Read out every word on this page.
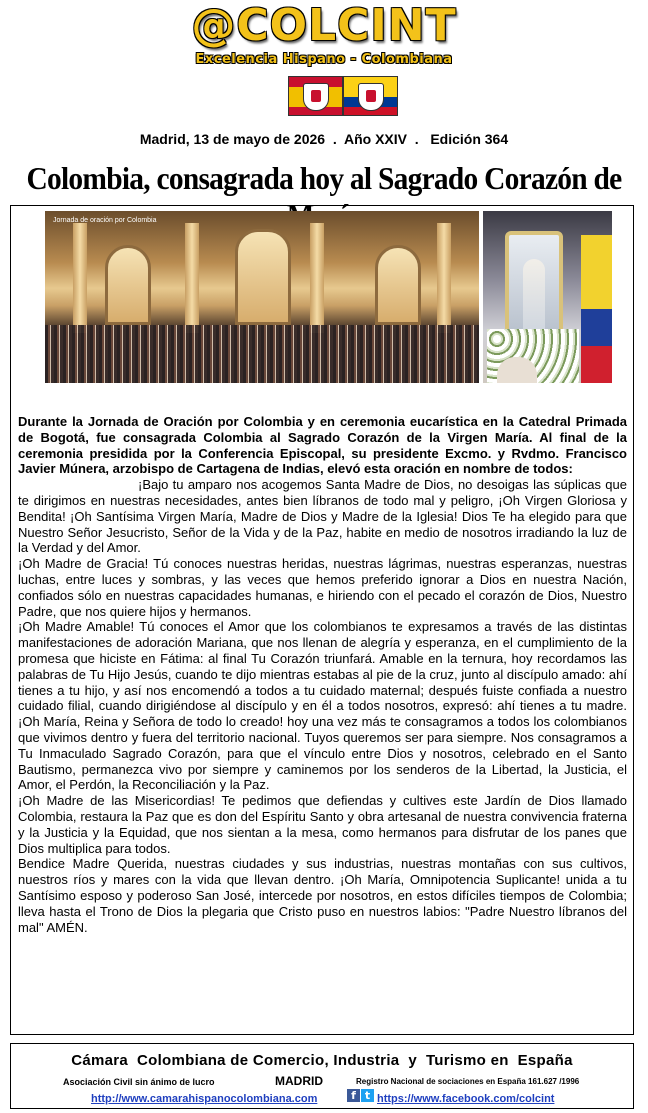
@COLCINT
Excelencia Hispano - Colombiana
Madrid, 13 de mayo de 2026  .  Año XXIV  .   Edición 364
Colombia, consagrada hoy al Sagrado Corazón de
Jornada de oración por Colombia

Durante la Jornada de Oración por Colombia y en ceremonia eucarística en la Catedral Primada de Bogotá, fue consagrada Colombia al Sagrado Corazón de la Virgen María. Al final de la ceremonia presidida por la Conferencia Episcopal, su presidente Excmo. y Rvdmo. Francisco Javier Múnera, arzobispo de Cartagena de Indias, elevó esta oración en nombre de todos:

¡Bajo tu amparo nos acogemos Santa Madre de Dios, no desoigas las súplicas que te dirigimos en nuestras necesidades, antes bien líbranos de todo mal y peligro, ¡Oh Virgen Gloriosa y Bendita! ¡Oh Santísima Virgen María, Madre de Dios y Madre de la Iglesia! Dios Te ha elegido para que Nuestro Señor Jesucristo, Señor de la Vida y de la Paz, habite en medio de nosotros irradiando la luz de la Verdad y del Amor.

¡Oh Madre de Gracia! Tú conoces nuestras heridas, nuestras lágrimas, nuestras esperanzas, nuestras luchas, entre luces y sombras, y las veces que hemos preferido ignorar a Dios en nuestra Nación, confiados sólo en nuestras capacidades humanas, e hiriendo con el pecado el corazón de Dios, Nuestro Padre, que nos quiere hijos y hermanos.

¡Oh Madre Amable! Tú conoces el Amor que los colombianos te expresamos a través de las distintas manifestaciones de adoración Mariana, que nos llenan de alegría y esperanza, en el cumplimiento de la promesa que hiciste en Fátima: al final Tu Corazón triunfará. Amable en la ternura, hoy recordamos las palabras de Tu Hijo Jesús, cuando te dijo mientras estabas al pie de la cruz, junto al discípulo amado: ahí tienes a tu hijo, y así nos encomendó a todos a tu cuidado maternal; después fuiste confiada a nuestro cuidado filial, cuando dirigiéndose al discípulo y en él a todos nosotros, expresó: ahí tienes a tu madre. ¡Oh María, Reina y Señora de todo lo creado! hoy una vez más te consagramos a todos los colombianos que vivimos dentro y fuera del territorio nacional. Tuyos queremos ser para siempre. Nos consagramos a Tu Inmaculado Sagrado Corazón, para que el vínculo entre Dios y nosotros, celebrado en el Santo Bautismo, permanezca vivo por siempre y caminemos por los senderos de la Libertad, la Justicia, el Amor, el Perdón, la Reconciliación y la Paz.

¡Oh Madre de las Misericordias! Te pedimos que defiendas y cultives este Jardín de Dios llamado Colombia, restaura la Paz que es don del Espíritu Santo y obra artesanal de nuestra convivencia fraterna y la Justicia y la Equidad, que nos sientan a la mesa, como hermanos para disfrutar de los panes que Dios multiplica para todos.

Bendice Madre Querida, nuestras ciudades y sus industrias, nuestras montañas con sus cultivos, nuestros ríos y mares con la vida que llevan dentro. ¡Oh María, Omnipotencia Suplicante! unida a tu Santísimo esposo y poderoso San José, intercede por nosotros, en estos difíciles tiempos de Colombia; lleva hasta el Trono de Dios la plegaria que Cristo puso en nuestros labios: "Padre Nuestro líbranos del mal" AMÉN.

Cámara  Colombiana de Comercio, Industria  y  Turismo en  España
Asociación Civil sin ánimo de lucro	MADRID	Registro Nacional de sociaciones en España 161.627 /1996
http://www.camarahispanocolombiana.com	f t https://www.facebook.com/colcint
